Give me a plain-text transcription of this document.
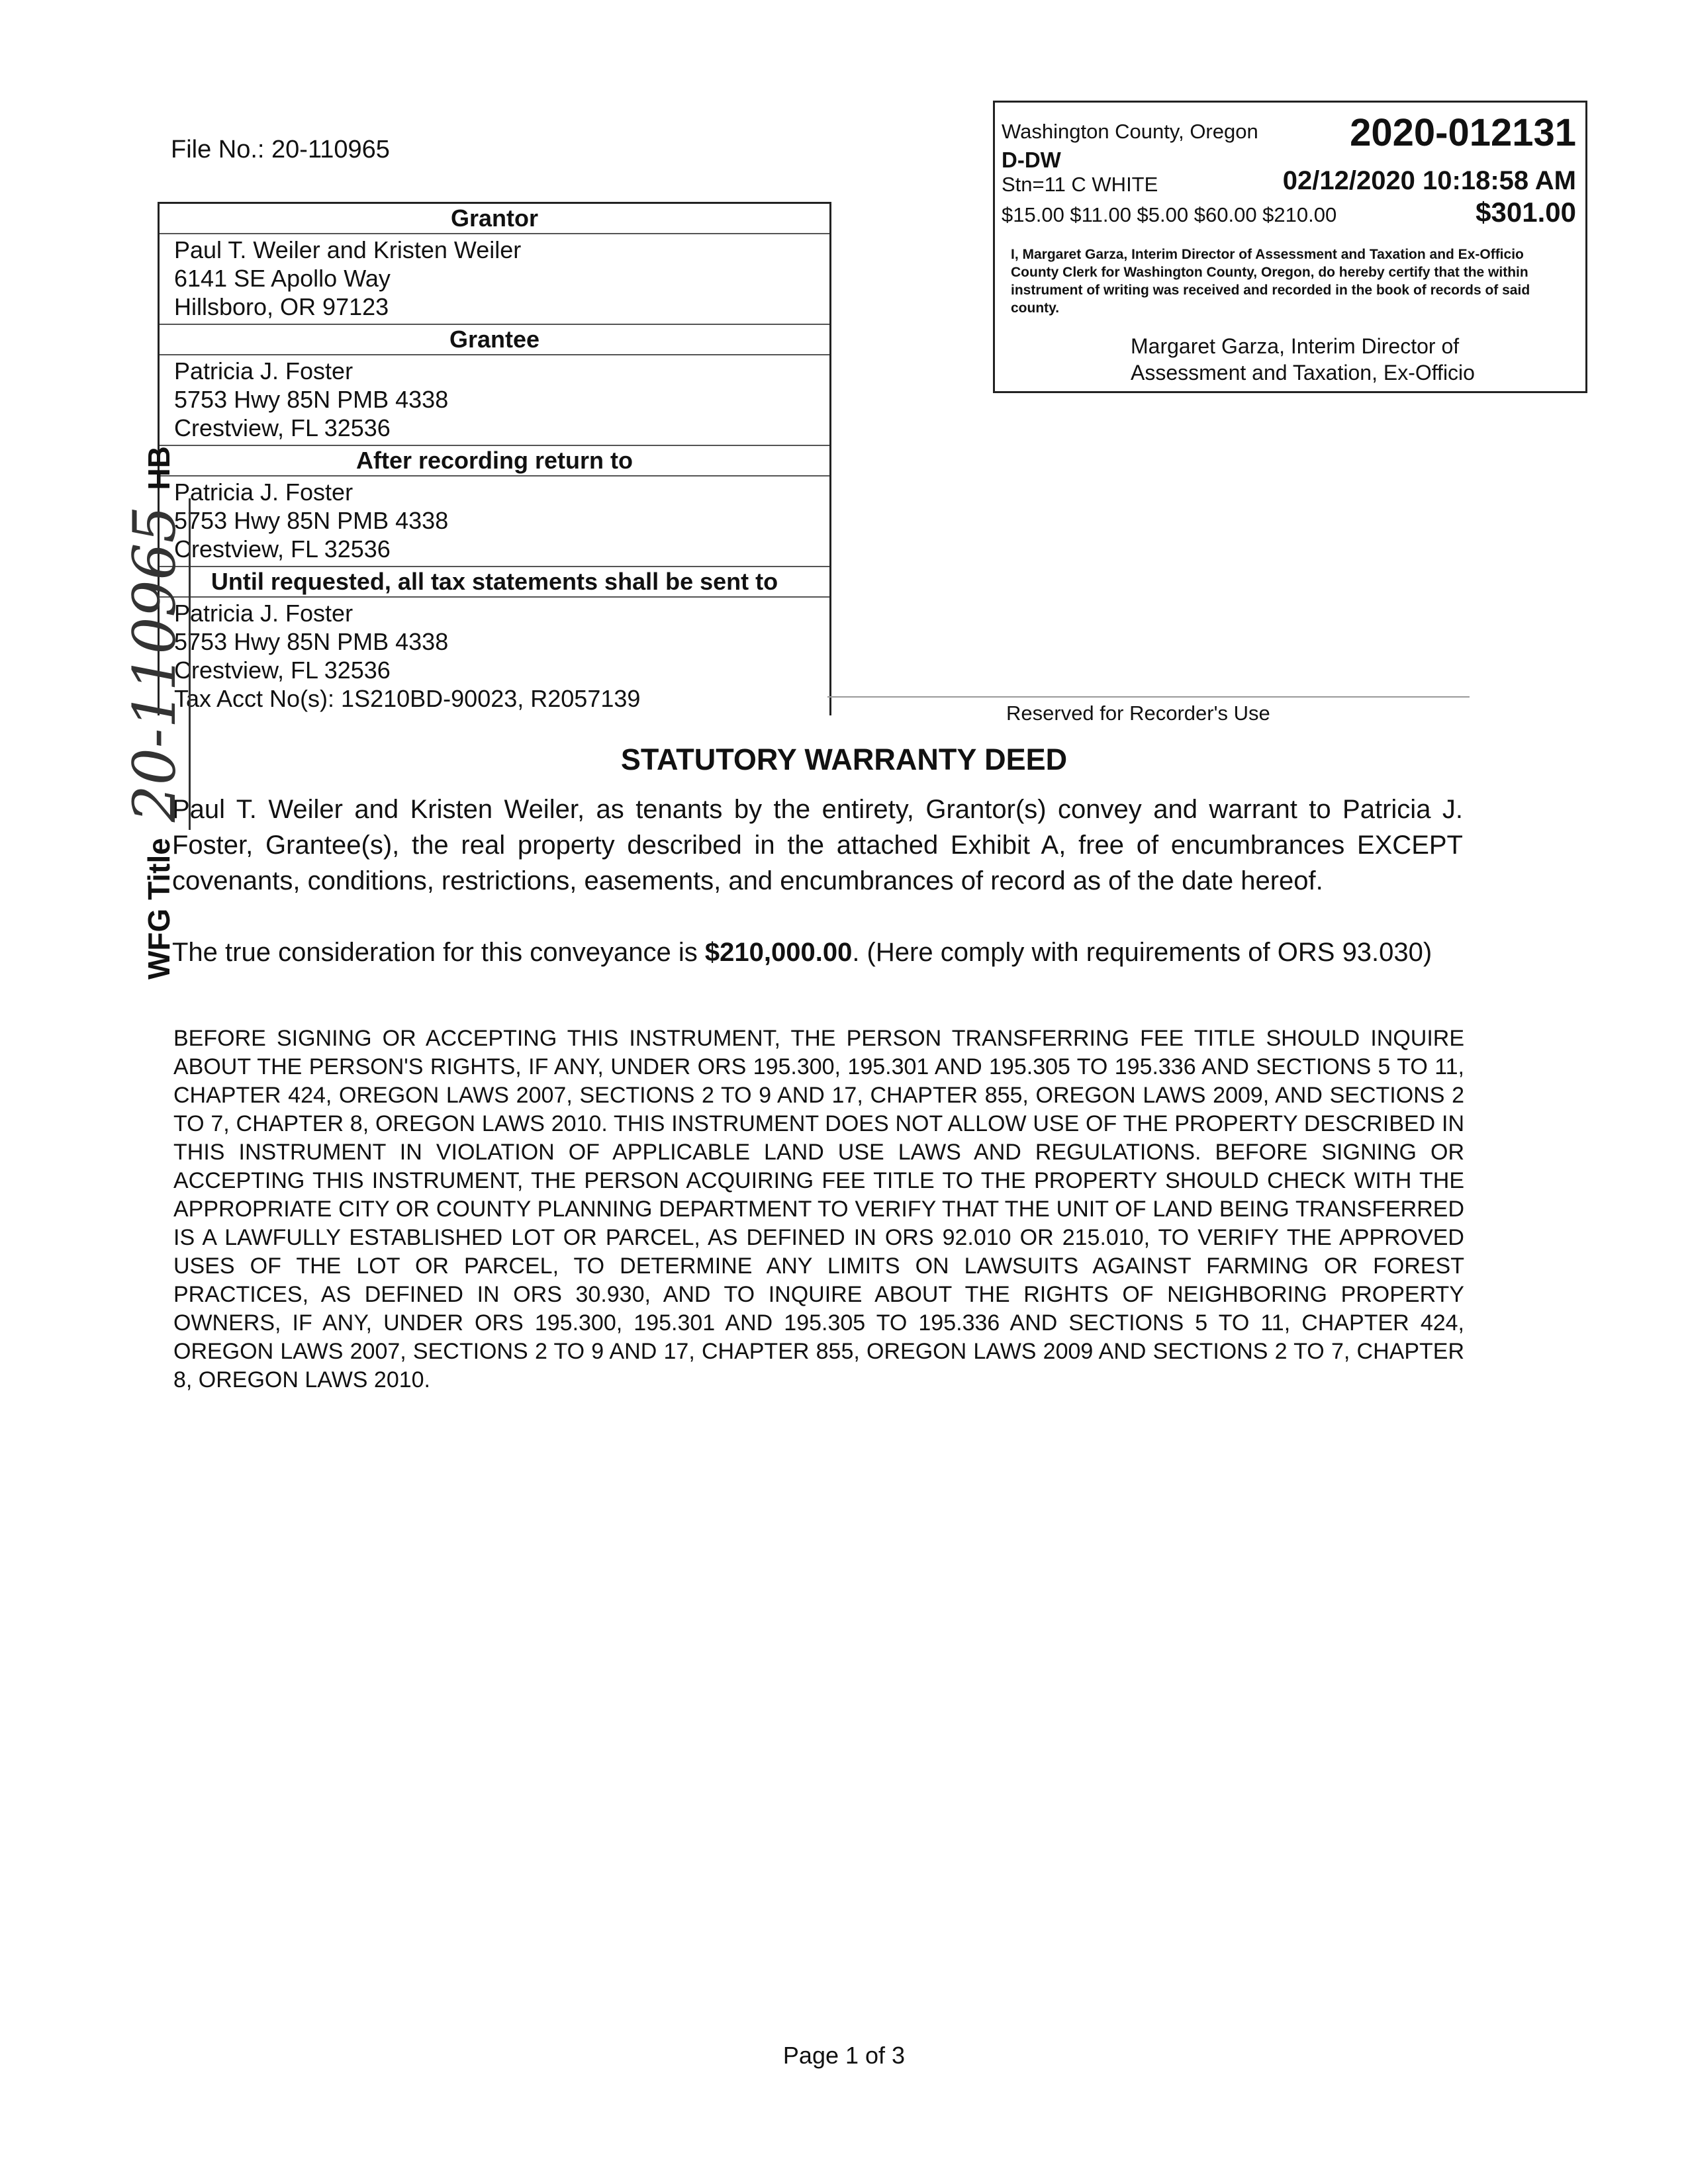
File No.: 20-110965
Grantor
Paul T. Weiler and Kristen Weiler
6141 SE Apollo Way
Hillsboro, OR 97123
Grantee
Patricia J. Foster
5753 Hwy 85N PMB 4338
Crestview, FL 32536
After recording return to
Patricia J. Foster
5753 Hwy 85N PMB 4338
Crestview, FL 32536
Until requested, all tax statements shall be sent to
Patricia J. Foster
5753 Hwy 85N PMB 4338
Crestview, FL 32536
Tax Acct No(s): 1S210BD-90023, R2057139
Washington County, Oregon 2020-012131
D-DW
Stn=11 C WHITE	02/12/2020 10:18:58 AM
$15.00 $11.00 $5.00 $60.00 $210.00	$301.00
I, Margaret Garza, Interim Director of Assessment and Taxation and Ex-Officio County Clerk for Washington County, Oregon, do hereby certify that the within instrument of writing was received and recorded in the book of records of said county.
Margaret Garza, Interim Director of
Assessment and Taxation, Ex-Officio
Reserved for Recorder's Use
STATUTORY WARRANTY DEED
Paul T. Weiler and Kristen Weiler, as tenants by the entirety, Grantor(s) convey and warrant to Patricia J. Foster, Grantee(s), the real property described in the attached Exhibit A, free of encumbrances EXCEPT covenants, conditions, restrictions, easements, and encumbrances of record as of the date hereof.
The true consideration for this conveyance is $210,000.00. (Here comply with requirements of ORS 93.030)
BEFORE SIGNING OR ACCEPTING THIS INSTRUMENT, THE PERSON TRANSFERRING FEE TITLE SHOULD INQUIRE ABOUT THE PERSON'S RIGHTS, IF ANY, UNDER ORS 195.300, 195.301 AND 195.305 TO 195.336 AND SECTIONS 5 TO 11, CHAPTER 424, OREGON LAWS 2007, SECTIONS 2 TO 9 AND 17, CHAPTER 855, OREGON LAWS 2009, AND SECTIONS 2 TO 7, CHAPTER 8, OREGON LAWS 2010. THIS INSTRUMENT DOES NOT ALLOW USE OF THE PROPERTY DESCRIBED IN THIS INSTRUMENT IN VIOLATION OF APPLICABLE LAND USE LAWS AND REGULATIONS. BEFORE SIGNING OR ACCEPTING THIS INSTRUMENT, THE PERSON ACQUIRING FEE TITLE TO THE PROPERTY SHOULD CHECK WITH THE APPROPRIATE CITY OR COUNTY PLANNING DEPARTMENT TO VERIFY THAT THE UNIT OF LAND BEING TRANSFERRED IS A LAWFULLY ESTABLISHED LOT OR PARCEL, AS DEFINED IN ORS 92.010 OR 215.010, TO VERIFY THE APPROVED USES OF THE LOT OR PARCEL, TO DETERMINE ANY LIMITS ON LAWSUITS AGAINST FARMING OR FOREST PRACTICES, AS DEFINED IN ORS 30.930, AND TO INQUIRE ABOUT THE RIGHTS OF NEIGHBORING PROPERTY OWNERS, IF ANY, UNDER ORS 195.300, 195.301 AND 195.305 TO 195.336 AND SECTIONS 5 TO 11, CHAPTER 424, OREGON LAWS 2007, SECTIONS 2 TO 9 AND 17, CHAPTER 855, OREGON LAWS 2009 AND SECTIONS 2 TO 7, CHAPTER 8, OREGON LAWS 2010.
WFG Title20-110965HB
Page 1 of 3
